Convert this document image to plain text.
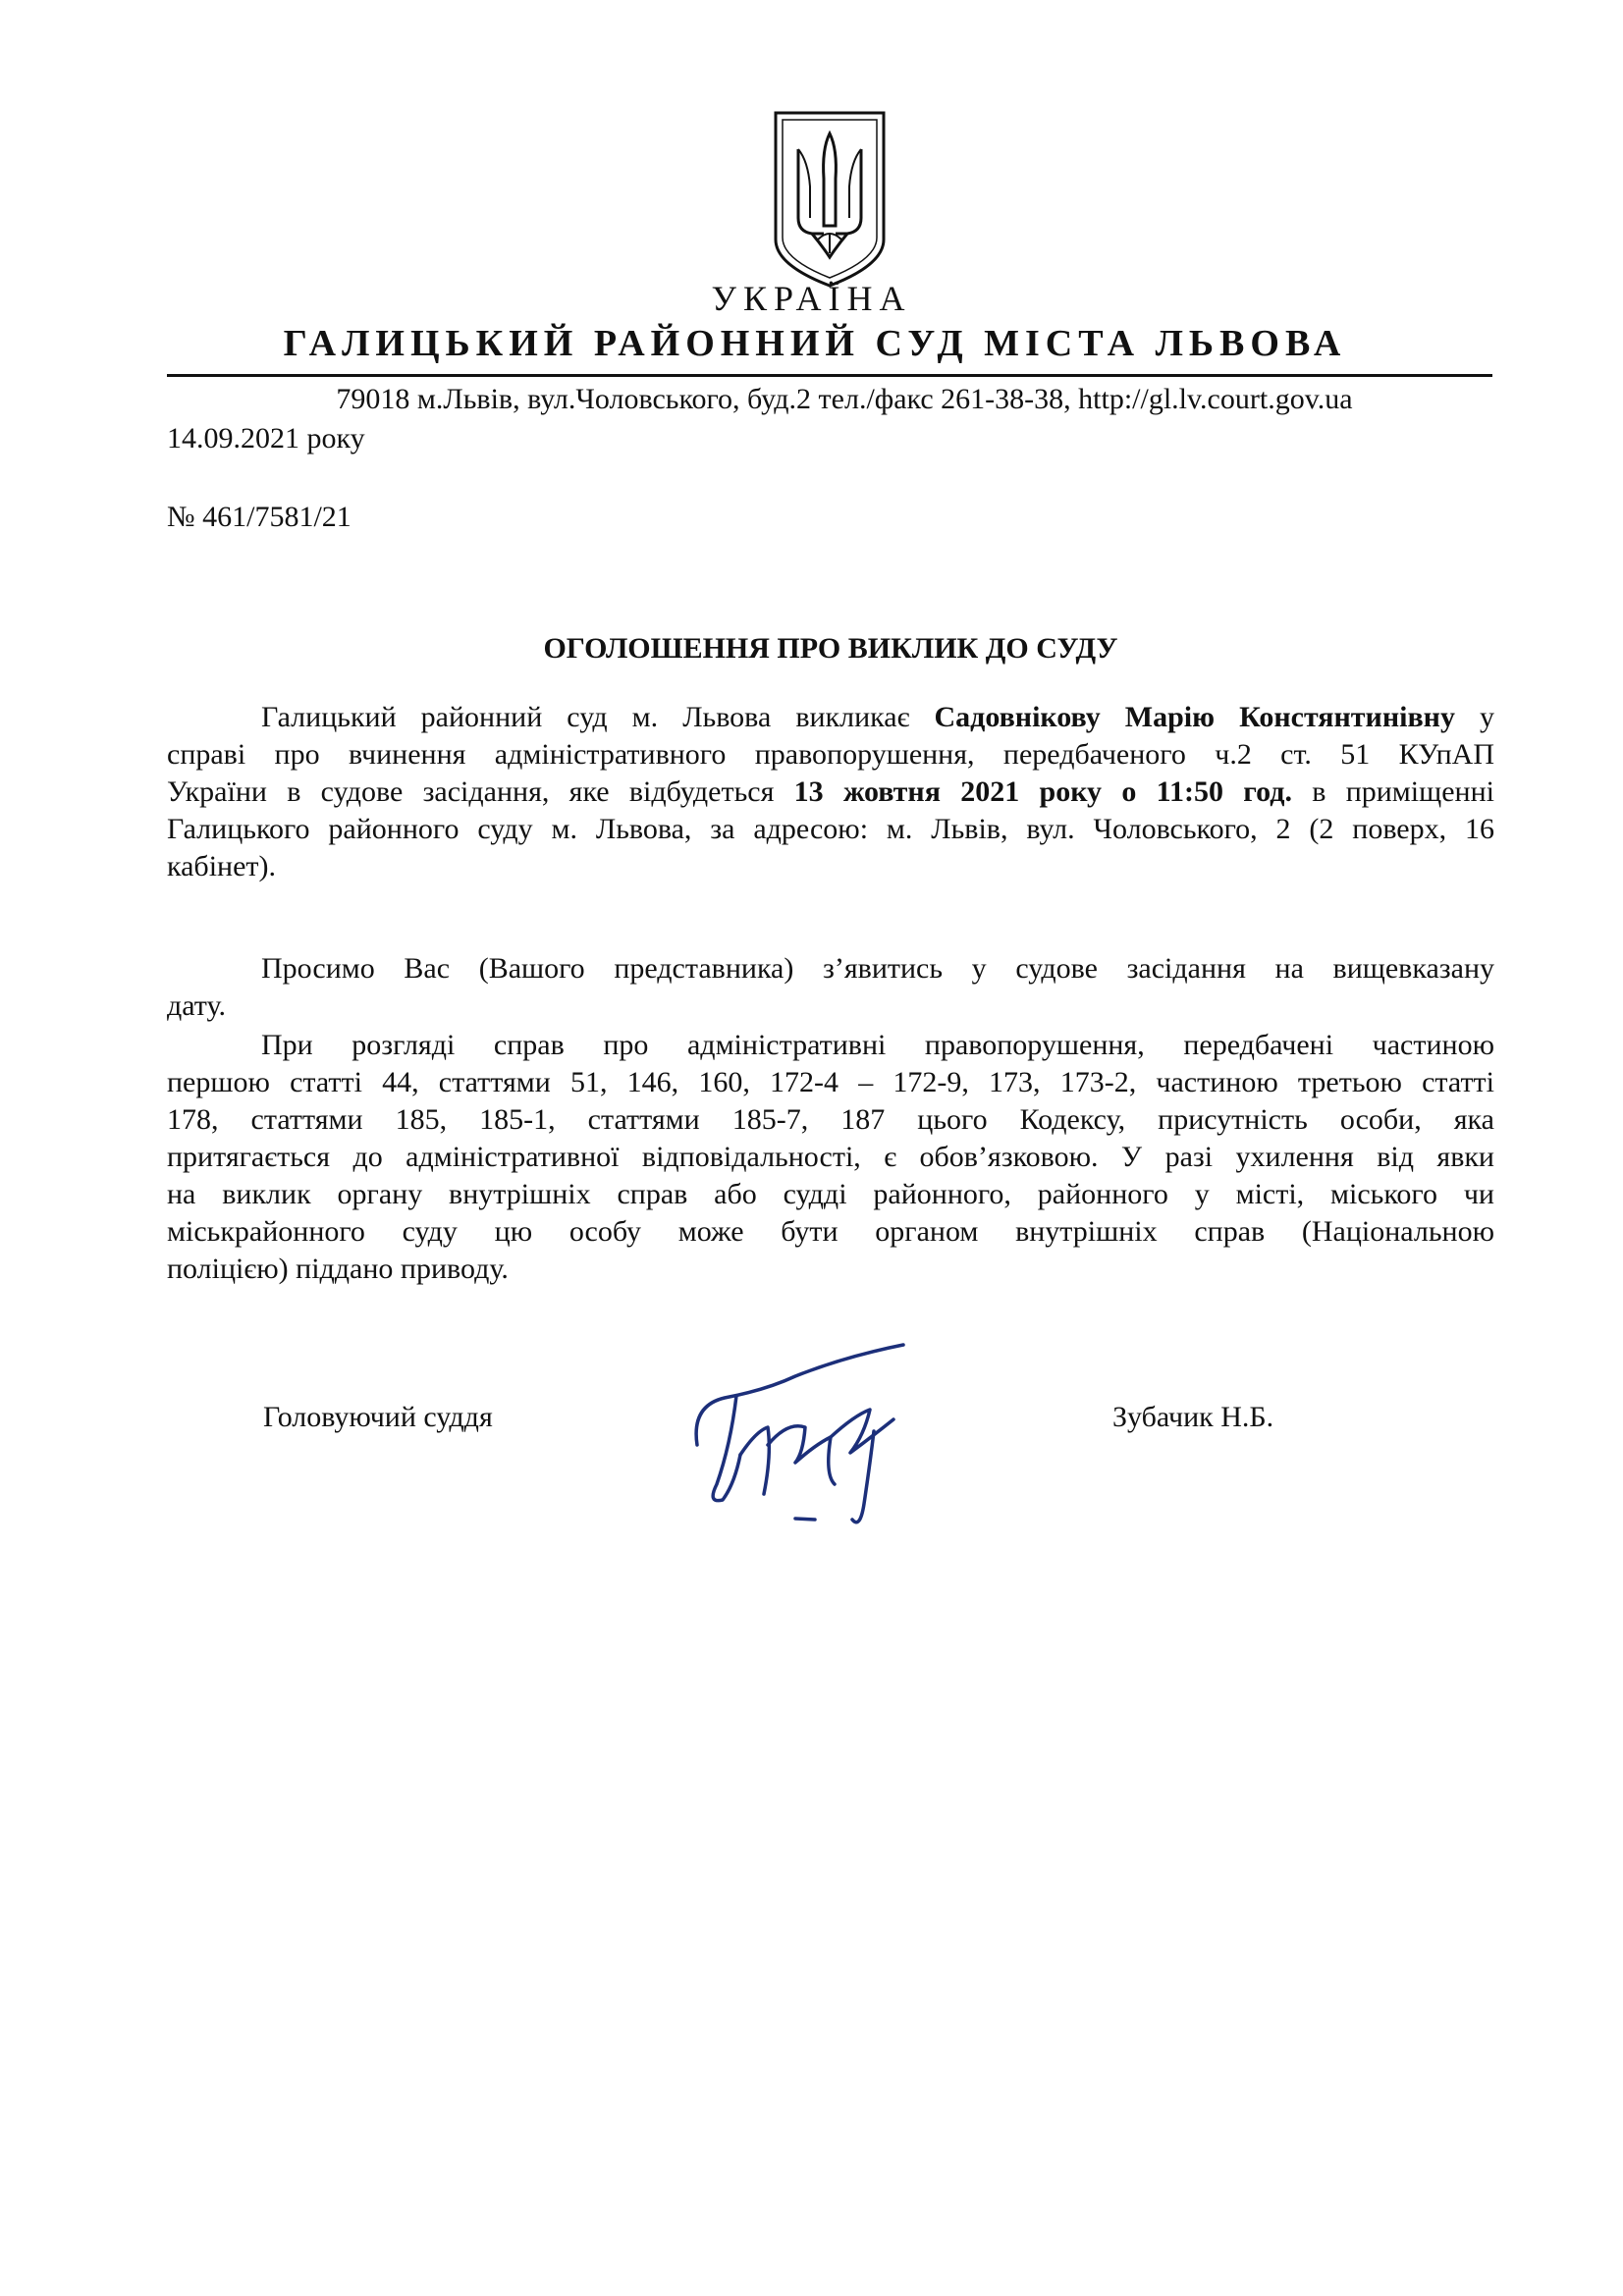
УКРАЇНА
ГАЛИЦЬКИЙ РАЙОННИЙ СУД МІСТА ЛЬВОВА
79018 м.Львів, вул.Чоловського, буд.2 тел./факс 261-38-38, http://gl.lv.court.gov.ua
14.09.2021 року
№ 461/7581/21
ОГОЛОШЕННЯ ПРО ВИКЛИК ДО СУДУ
Галицький районний суд м. Львова викликає Садовнікову Марію Констянтинівну у
справі про вчинення адміністративного правопорушення, передбаченого ч.2 ст. 51 КУпАП
України в судове засідання, яке відбудеться 13 жовтня 2021 року о 11:50 год. в приміщенні
Галицького районного суду м. Львова, за адресою: м. Львів, вул. Чоловського, 2 (2 поверх, 16
кабінет).
Просимо Вас (Вашого представника) з’явитись у судове засідання на вищевказану
дату.
При розгляді справ про адміністративні правопорушення, передбачені частиною
першою статті 44, статтями 51, 146, 160, 172-4 – 172-9, 173, 173-2, частиною третьою статті
178, статтями 185, 185-1, статтями 185-7, 187 цього Кодексу, присутність особи, яка
притягається до адміністративної відповідальності, є обов’язковою. У разі ухилення від явки
на виклик органу внутрішніх справ або судді районного, районного у місті, міського чи
міськрайонного суду цю особу може бути органом внутрішніх справ (Національною
поліцією) піддано приводу.
Головуючий суддя	Зубачик Н.Б.
